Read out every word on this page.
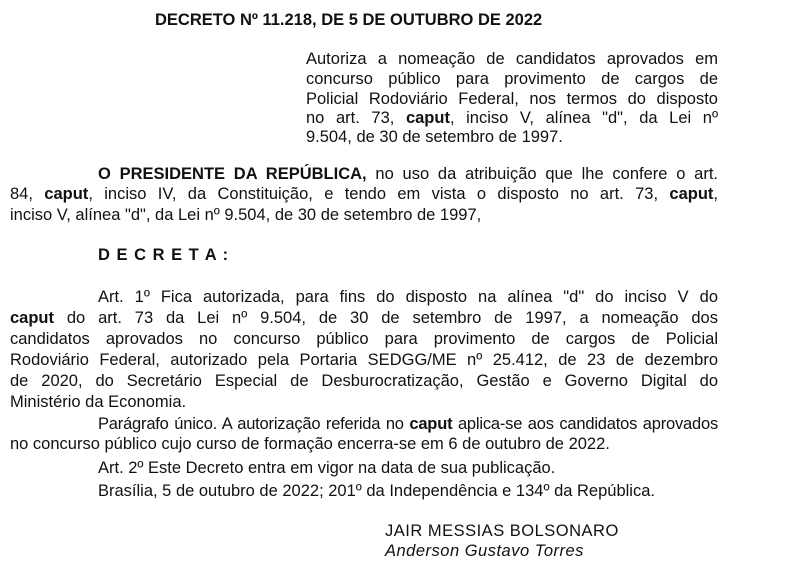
DECRETO Nº 11.218, DE 5 DE OUTUBRO DE 2022
Autoriza a nomeação de candidatos aprovados em
concurso público para provimento de cargos de
Policial Rodoviário Federal, nos termos do disposto
no art. 73, caput, inciso V, alínea "d", da Lei nº
9.504, de 30 de setembro de 1997.
O PRESIDENTE DA REPÚBLICA, no uso da atribuição que lhe confere o art.
84, caput, inciso IV, da Constituição, e tendo em vista o disposto no art. 73, caput,
inciso V, alínea "d", da Lei nº 9.504, de 30 de setembro de 1997,
D E C R E T A :
Art. 1º Fica autorizada, para fins do disposto na alínea "d" do inciso V do
caput do art. 73 da Lei nº 9.504, de 30 de setembro de 1997, a nomeação dos
candidatos aprovados no concurso público para provimento de cargos de Policial
Rodoviário Federal, autorizado pela Portaria SEDGG/ME nº 25.412, de 23 de dezembro
de 2020, do Secretário Especial de Desburocratização, Gestão e Governo Digital do
Ministério da Economia.
Parágrafo único. A autorização referida no caput aplica-se aos candidatos aprovados
no concurso público cujo curso de formação encerra-se em 6 de outubro de 2022.
Art. 2º Este Decreto entra em vigor na data de sua publicação.
Brasília, 5 de outubro de 2022; 201º da Independência e 134º da República.
JAIR MESSIAS BOLSONARO
Anderson Gustavo Torres
